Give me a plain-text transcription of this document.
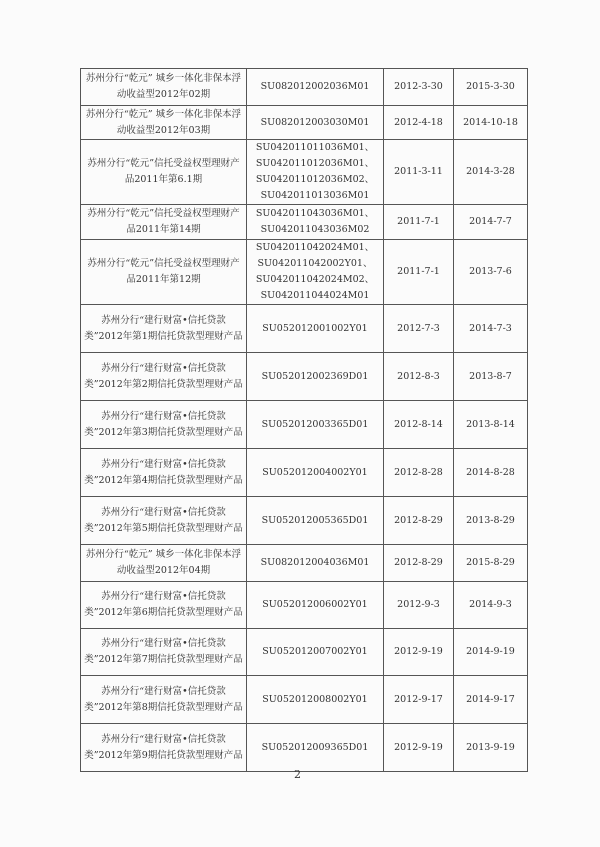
苏州分行“乾元” 城乡一体化非保本浮动收益型2012年02期	SU082012002036M01	2012-3-30	2015-3-30
苏州分行“乾元” 城乡一体化非保本浮动收益型2012年03期	SU082012003030M01	2012-4-18	2014-10-18
苏州分行“乾元”信托受益权型理财产品2011年第6.1期	SU042011011036M01、
SU042011012036M01、
SU042011012036M02、
SU042011013036M01	2011-3-11	2014-3-28
苏州分行“乾元”信托受益权型理财产品2011年第14期	SU042011043036M01、
SU042011043036M02	2011-7-1	2014-7-7
苏州分行“乾元”信托受益权型理财产品2011年第12期	SU042011042024M01、
SU042011042002Y01、
SU042011042024M02、
SU042011044024M01	2011-7-1	2013-7-6
苏州分行“建行财富•信托贷款类”2012年第1期信托贷款型理财产品	SU052012001002Y01	2012-7-3	2014-7-3
苏州分行“建行财富•信托贷款类”2012年第2期信托贷款型理财产品	SU052012002369D01	2012-8-3	2013-8-7
苏州分行“建行财富•信托贷款类”2012年第3期信托贷款型理财产品	SU052012003365D01	2012-8-14	2013-8-14
苏州分行“建行财富•信托贷款类”2012年第4期信托贷款型理财产品	SU052012004002Y01	2012-8-28	2014-8-28
苏州分行“建行财富•信托贷款类”2012年第5期信托贷款型理财产品	SU052012005365D01	2012-8-29	2013-8-29
苏州分行“乾元” 城乡一体化非保本浮动收益型2012年04期	SU082012004036M01	2012-8-29	2015-8-29
苏州分行“建行财富•信托贷款类”2012年第6期信托贷款型理财产品	SU052012006002Y01	2012-9-3	2014-9-3
苏州分行“建行财富•信托贷款类”2012年第7期信托贷款型理财产品	SU052012007002Y01	2012-9-19	2014-9-19
苏州分行“建行财富•信托贷款类”2012年第8期信托贷款型理财产品	SU052012008002Y01	2012-9-17	2014-9-17
苏州分行“建行财富•信托贷款类”2012年第9期信托贷款型理财产品	SU052012009365D01	2012-9-19	2013-9-19
2
